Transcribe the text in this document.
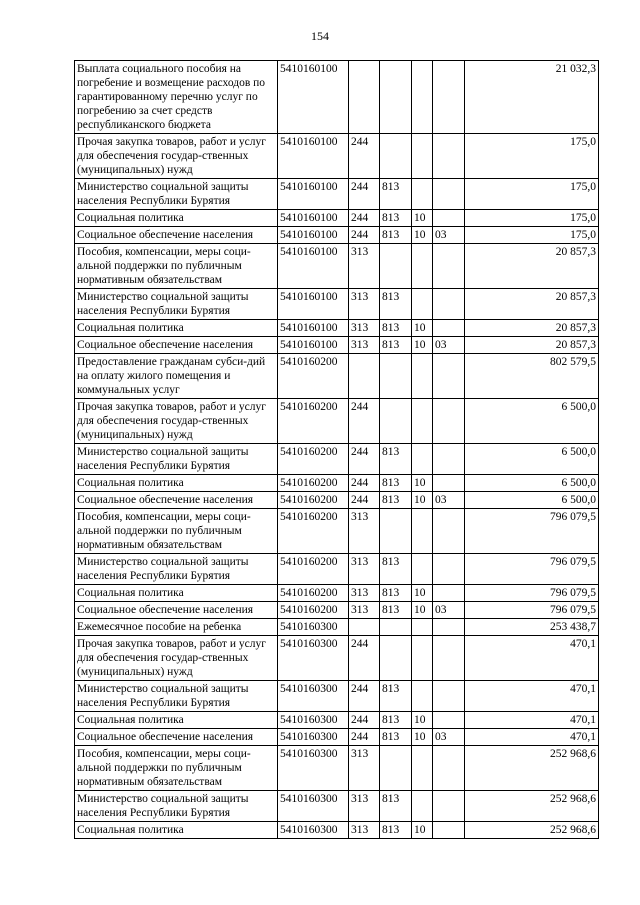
154
Выплата социального пособия на погребение и возмещение расходов по гарантированному перечню услуг по погребению за счет средств республиканского бюджета	5410160100					21 032,3
Прочая закупка товаров, работ и услуг для обеспечения государ-ственных (муниципальных) нужд	5410160100	244				175,0
Министерство социальной защиты населения Республики Бурятия	5410160100	244	813			175,0
Социальная политика	5410160100	244	813	10		175,0
Социальное обеспечение населения	5410160100	244	813	10	03	175,0
Пособия, компенсации, меры соци-альной поддержки по публичным нормативным обязательствам	5410160100	313				20 857,3
Министерство социальной защиты населения Республики Бурятия	5410160100	313	813			20 857,3
Социальная политика	5410160100	313	813	10		20 857,3
Социальное обеспечение населения	5410160100	313	813	10	03	20 857,3
Предоставление гражданам субси-дий на оплату жилого помещения и коммунальных услуг	5410160200					802 579,5
Прочая закупка товаров, работ и услуг для обеспечения государ-ственных (муниципальных) нужд	5410160200	244				6 500,0
Министерство социальной защиты населения Республики Бурятия	5410160200	244	813			6 500,0
Социальная политика	5410160200	244	813	10		6 500,0
Социальное обеспечение населения	5410160200	244	813	10	03	6 500,0
Пособия, компенсации, меры соци-альной поддержки по публичным нормативным обязательствам	5410160200	313				796 079,5
Министерство социальной защиты населения Республики Бурятия	5410160200	313	813			796 079,5
Социальная политика	5410160200	313	813	10		796 079,5
Социальное обеспечение населения	5410160200	313	813	10	03	796 079,5
Ежемесячное пособие на ребенка	5410160300					253 438,7
Прочая закупка товаров, работ и услуг для обеспечения государ-ственных (муниципальных) нужд	5410160300	244				470,1
Министерство социальной защиты населения Республики Бурятия	5410160300	244	813			470,1
Социальная политика	5410160300	244	813	10		470,1
Социальное обеспечение населения	5410160300	244	813	10	03	470,1
Пособия, компенсации, меры соци-альной поддержки по публичным нормативным обязательствам	5410160300	313				252 968,6
Министерство социальной защиты населения Республики Бурятия	5410160300	313	813			252 968,6
Социальная политика	5410160300	313	813	10		252 968,6
